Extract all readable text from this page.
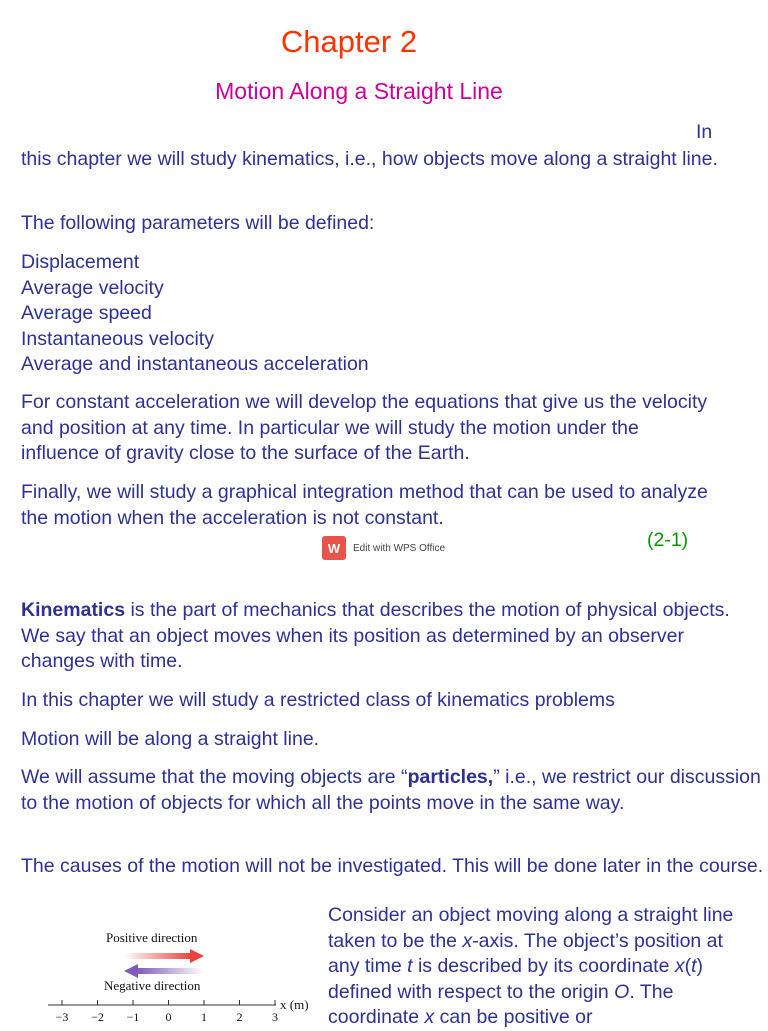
Chapter 2
Motion Along a Straight Line
In

this chapter we will study kinematics, i.e., how objects move along a straight line.

The following parameters will be defined:

Displacement
Average velocity
Average speed
Instantaneous velocity
Average and instantaneous acceleration

For constant acceleration we will develop the equations that give us the velocity and position at any time. In particular we will study the motion under the influence of gravity close to the surface of the Earth.

Finally, we will study a graphical integration method that can be used to analyze the motion when the acceleration is not constant.

W	Edit with WPS Office	(2-1)

Kinematics is the part of mechanics that describes the motion of physical objects. We say that an object moves when its position as determined by an observer changes with time.

In this chapter we will study a restricted class of kinematics problems

Motion will be along a straight line.

We will assume that the moving objects are “particles,” i.e., we restrict our discussion to the motion of objects for which all the points move in the same way.

The causes of the motion will not be investigated. This will be done later in the course.

Consider an object moving along a straight line taken to be the x-axis. The object’s position at any time t is described by its coordinate x(t) defined with respect to the origin O. The coordinate x can be positive or

Positive direction
Negative direction
−3 −2 −1 0 1 2 3
x (m)
